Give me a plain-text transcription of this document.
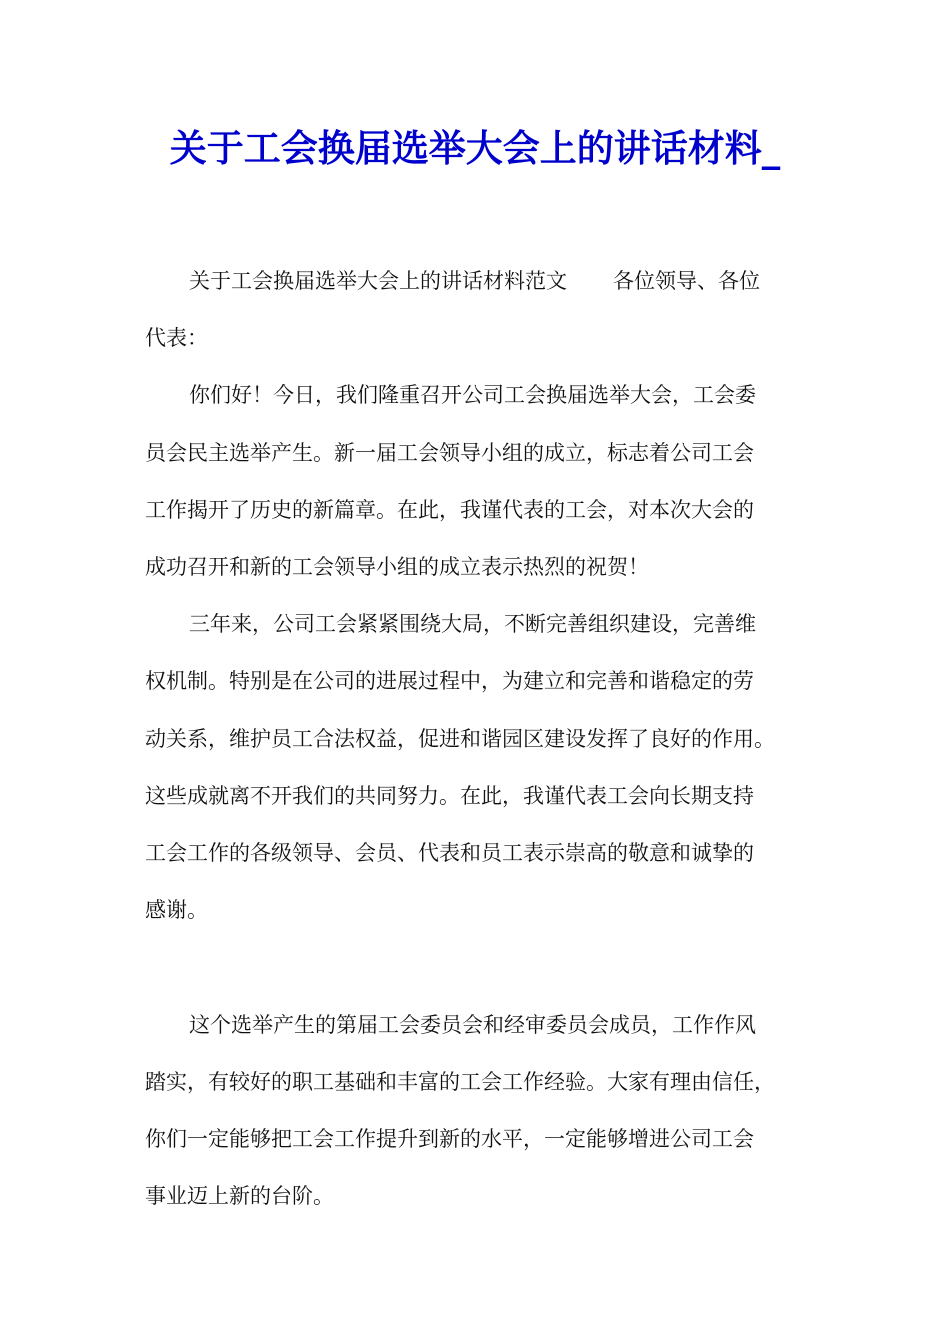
关于工会换届选举大会上的讲话材料_

关于工会换届选举大会上的讲话材料范文 各位领导、各位

代表：

你们好！今日，我们隆重召开公司工会换届选举大会，工会委

员会民主选举产生。新一届工会领导小组的成立，标志着公司工会

工作揭开了历史的新篇章。在此，我谨代表的工会，对本次大会的

成功召开和新的工会领导小组的成立表示热烈的祝贺！

三年来，公司工会紧紧围绕大局，不断完善组织建设，完善维

权机制。特别是在公司的进展过程中，为建立和完善和谐稳定的劳

动关系，维护员工合法权益，促进和谐园区建设发挥了良好的作用。

这些成就离不开我们的共同努力。在此，我谨代表工会向长期支持

工会工作的各级领导、会员、代表和员工表示崇高的敬意和诚挚的

感谢。

这个选举产生的第届工会委员会和经审委员会成员，工作作风

踏实，有较好的职工基础和丰富的工会工作经验。大家有理由信任，

你们一定能够把工会工作提升到新的水平，一定能够增进公司工会

事业迈上新的台阶。
